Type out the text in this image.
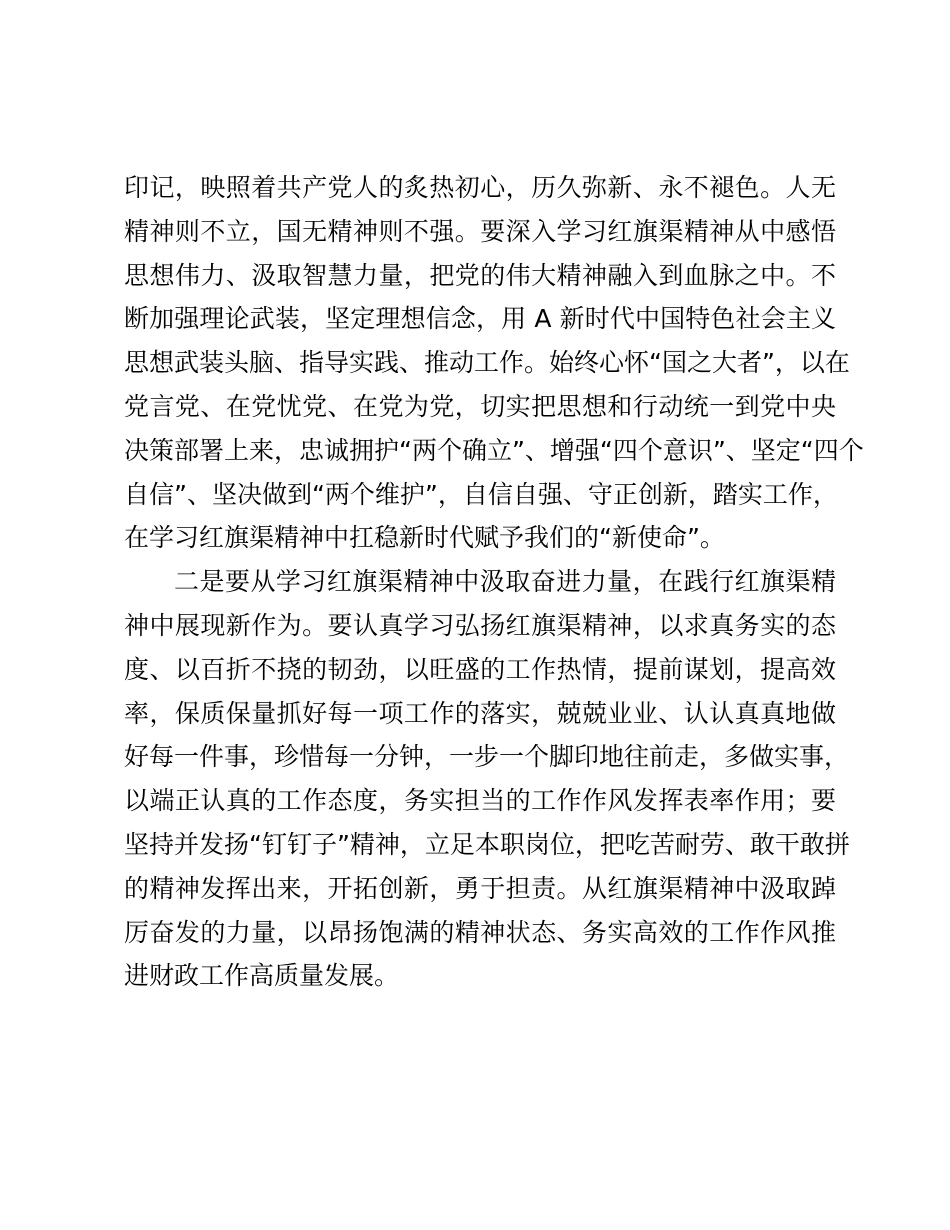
印记，映照着共产党人的炙热初心，历久弥新、永不褪色。人无
精神则不立，国无精神则不强。要深入学习红旗渠精神从中感悟
思想伟力、汲取智慧力量，把党的伟大精神融入到血脉之中。不
断加强理论武装，坚定理想信念，用 A 新时代中国特色社会主义
思想武装头脑、指导实践、推动工作。始终心怀“国之大者”，以在
党言党、在党忧党、在党为党，切实把思想和行动统一到党中央
决策部署上来，忠诚拥护“两个确立”、增强“四个意识”、坚定“四个
自信”、坚决做到“两个维护”，自信自强、守正创新，踏实工作，
在学习红旗渠精神中扛稳新时代赋予我们的“新使命”。
二是要从学习红旗渠精神中汲取奋进力量，在践行红旗渠精
神中展现新作为。要认真学习弘扬红旗渠精神，以求真务实的态
度、以百折不挠的韧劲，以旺盛的工作热情，提前谋划，提高效
率，保质保量抓好每一项工作的落实，兢兢业业、认认真真地做
好每一件事，珍惜每一分钟，一步一个脚印地往前走，多做实事，
以端正认真的工作态度，务实担当的工作作风发挥表率作用；要
坚持并发扬“钉钉子”精神，立足本职岗位，把吃苦耐劳、敢干敢拼
的精神发挥出来，开拓创新，勇于担责。从红旗渠精神中汲取踔
厉奋发的力量，以昂扬饱满的精神状态、务实高效的工作作风推
进财政工作高质量发展。
